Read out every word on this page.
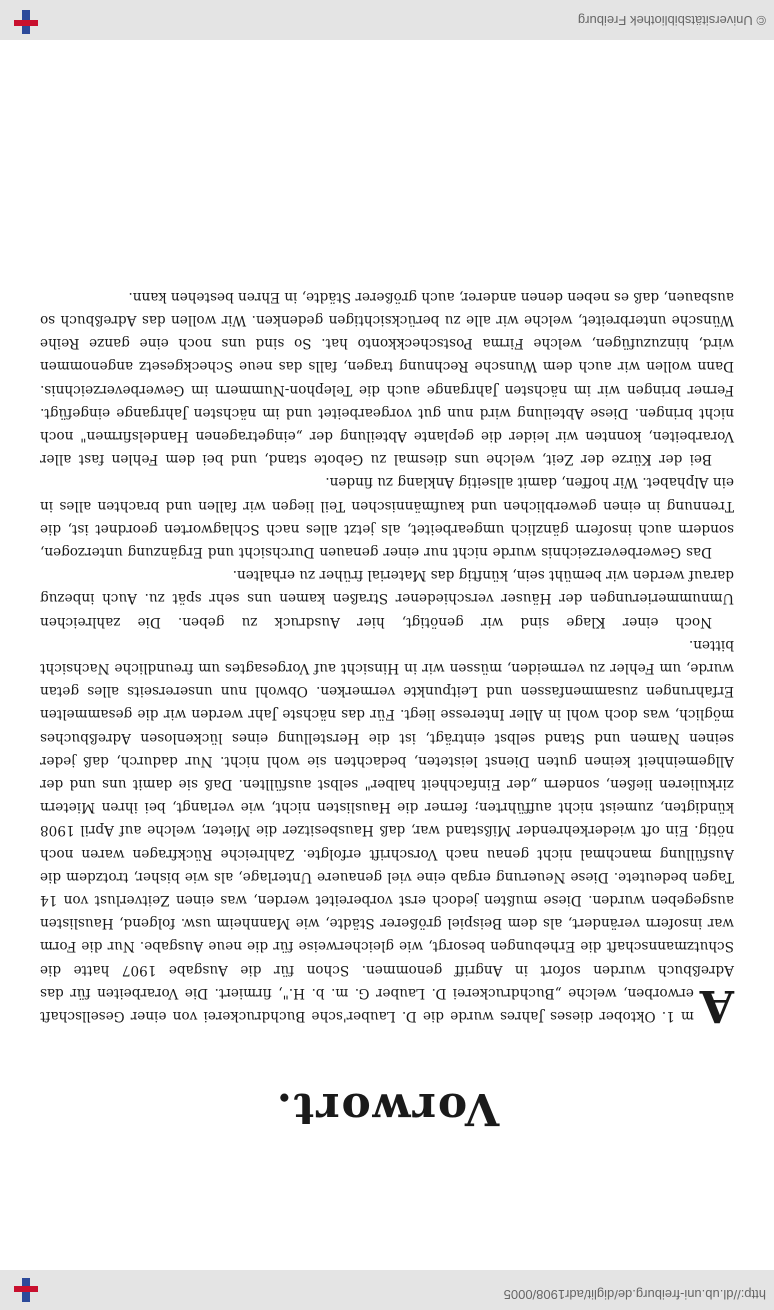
http://dl.ub.uni-freiburg.de/diglit/adr1908/0005
Vorwort.

A
m 1. Oktober dieses Jahres wurde die D. Lauber'sche Buchdruckerei von einer Gesellschaft erworben, welche „Buchdruckerei D. Lauber G. m. b. H.", firmiert. Die Vorarbeiten für das Adreßbuch wurden sofort in Angriff genommen. Schon für die Ausgabe 1907 hatte die Schutzmannschaft die Erhebungen besorgt, wie gleicherweise für die neue Ausgabe. Nur die Form war insofern verändert, als dem Beispiel größerer Städte, wie Mannheim usw. folgend, Hauslisten ausgegeben wurden. Diese mußten jedoch erst vorbereitet werden, was einen Zeitverlust von 14 Tagen bedeutete. Diese Neuerung ergab eine viel genauere Unterlage, als wie bisher, trotzdem die Ausfüllung manchmal nicht genau nach Vorschrift erfolgte. Zahlreiche Rückfragen waren noch nötig. Ein oft wiederkehrender Mißstand war, daß Hausbesitzer die Mieter, welche auf April 1908 kündigten, zumeist nicht aufführten; ferner die Hauslisten nicht, wie verlangt, bei ihren Mietern zirkulieren ließen, sondern „der Einfachheit halber" selbst ausfüllten. Daß sie damit uns und der Allgemeinheit keinen guten Dienst leisteten, bedachten sie wohl nicht. Nur dadurch, daß jeder seinen Namen und Stand selbst einträgt, ist die Herstellung eines lückenlosen Adreßbuches möglich, was doch wohl in Aller Interesse liegt. Für das nächste Jahr werden wir die gesammelten Erfahrungen zusammenfassen und Leitpunkte vermerken. Obwohl nun unsererseits alles getan wurde, um Fehler zu vermeiden, müssen wir in Hinsicht auf Vorgesagtes um freundliche Nachsicht bitten.

Noch einer Klage sind wir genötigt, hier Ausdruck zu geben. Die zahlreichen Umnummerierungen der Häuser verschiedener Straßen kamen uns sehr spät zu. Auch inbezug darauf werden wir bemüht sein, künftig das Material früher zu erhalten.

Das Gewerbeverzeichnis wurde nicht nur einer genauen Durchsicht und Ergänzung unterzogen, sondern auch insofern gänzlich umgearbeitet, als jetzt alles nach Schlagworten geordnet ist, die Trennung in einen gewerblichen und kaufmännischen Teil liegen wir fallen und brachten alles in ein Alphabet. Wir hoffen, damit allseitig Anklang zu finden.

Bei der Kürze der Zeit, welche uns diesmal zu Gebote stand, und bei dem Fehlen fast aller Vorarbeiten, konnten wir leider die geplante Abteilung der „eingetragenen Handelsfirmen" noch nicht bringen. Diese Abteilung wird nun gut vorgearbeitet und im nächsten Jahrgange eingefügt. Ferner bringen wir im nächsten Jahrgange auch die Telephon-Nummern im Gewerbeverzeichnis. Dann wollen wir auch dem Wunsche Rechnung tragen, falls das neue Scheckgesetz angenommen wird, hinzuzufügen, welche Firma Postscheckkonto hat. So sind uns noch eine ganze Reihe Wünsche unterbreitet, welche wir alle zu berücksichtigen gedenken. Wir wollen das Adreßbuch so ausbauen, daß es neben denen anderer, auch größerer Städte, in Ehren bestehen kann.

© Universitätsbibliothek Freiburg
